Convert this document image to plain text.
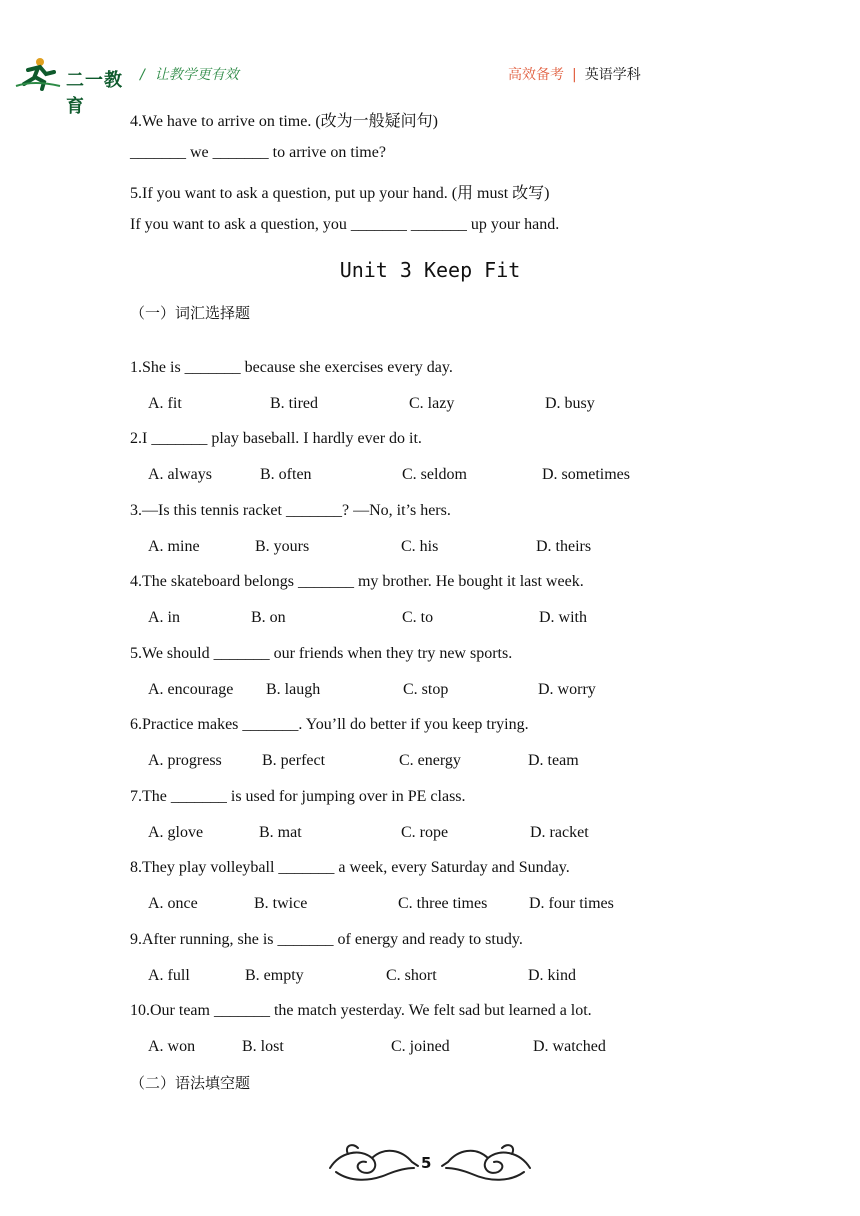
二一教育
/ 让教学更有效	高效备考 | 英语学科
4.We have to arrive on time. (改为一般疑问句)
_______ we _______ to arrive on time?
5.If you want to ask a question, put up your hand. (用 must 改写)
If you want to ask a question, you _______ _______ up your hand.
Unit 3 Keep Fit
（一）词汇选择题
1.She is _______ because she exercises every day.
A. fit	B. tired	C. lazy	D. busy
2.I _______ play baseball. I hardly ever do it.
A. always	B. often	C. seldom	D. sometimes
3.—Is this tennis racket _______? —No, it’s hers.
A. mine	B. yours	C. his	D. theirs
4.The skateboard belongs _______ my brother. He bought it last week.
A. in	B. on	C. to	D. with
5.We should _______ our friends when they try new sports.
A. encourage B. laugh	C. stop	D. worry
6.Practice makes _______. You’ll do better if you keep trying.
A. progress	B. perfect	C. energy	D. team
7.The _______ is used for jumping over in PE class.
A. glove	B. mat	C. rope	D. racket
8.They play volleyball _______ a week, every Saturday and Sunday.
A. once	B. twice	C. three times	D. four times
9.After running, she is _______ of energy and ready to study.
A. full	B. empty	C. short	D. kind
10.Our team _______ the match yesterday. We felt sad but learned a lot.
A. won	B. lost	C. joined	D. watched
（二）语法填空题
5
